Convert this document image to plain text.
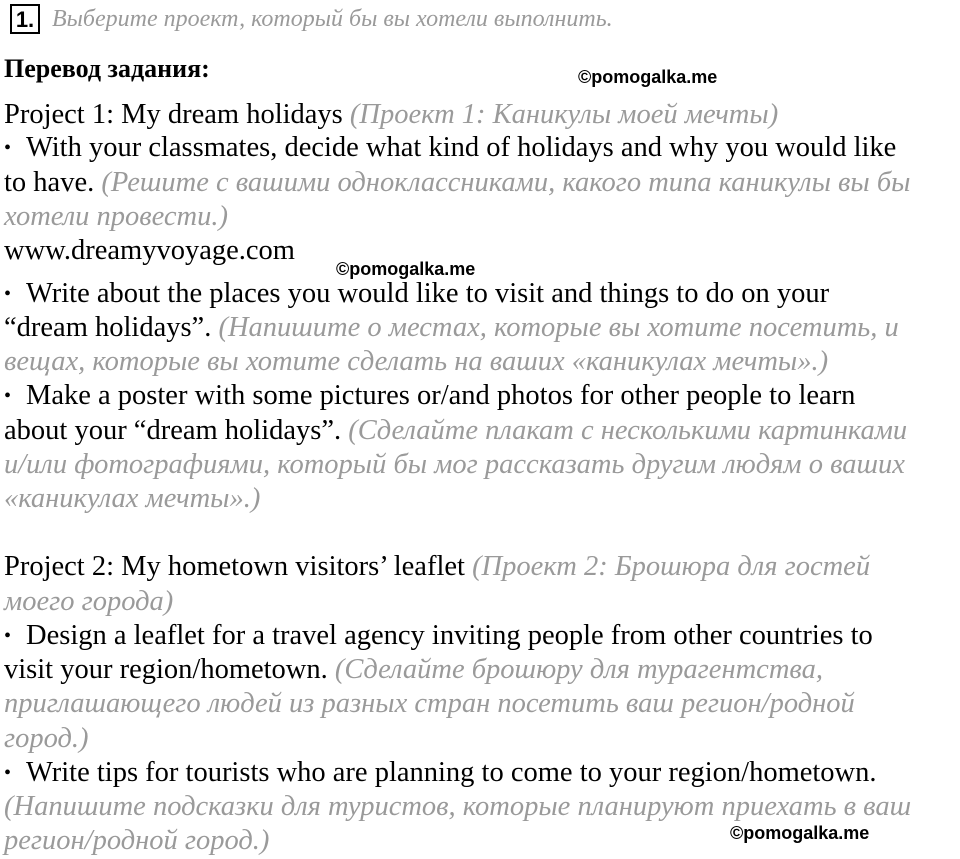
1. Выберите проект, который бы вы хотели выполнить.
Перевод задания:	©pomogalka.me
©pomogalka.me
©pomogalka.me
Project 1: My dream holidays (Проект 1: Каникулы моей мечты)
• With your classmates, decide what kind of holidays and why you would like
to have. (Решите с вашими одноклассниками, какого типа каникулы вы бы
хотели провести.)
www.dreamyvoyage.com
• Write about the places you would like to visit and things to do on your
“dream holidays”. (Напишите о местах, которые вы хотите посетить, и
вещах, которые вы хотите сделать на ваших «каникулах мечты».)
• Make a poster with some pictures or/and photos for other people to learn
about your “dream holidays”. (Сделайте плакат с несколькими картинками
и/или фотографиями, который бы мог рассказать другим людям о ваших
«каникулах мечты».)
Project 2: My hometown visitors’ leaflet (Проект 2: Брошюра для гостей
моего города)
• Design a leaflet for a travel agency inviting people from other countries to
visit your region/hometown. (Сделайте брошюру для турагентства,
приглашающего людей из разных стран посетить ваш регион/родной
город.)
• Write tips for tourists who are planning to come to your region/hometown.
(Напишите подсказки для туристов, которые планируют приехать в ваш
регион/родной город.)
